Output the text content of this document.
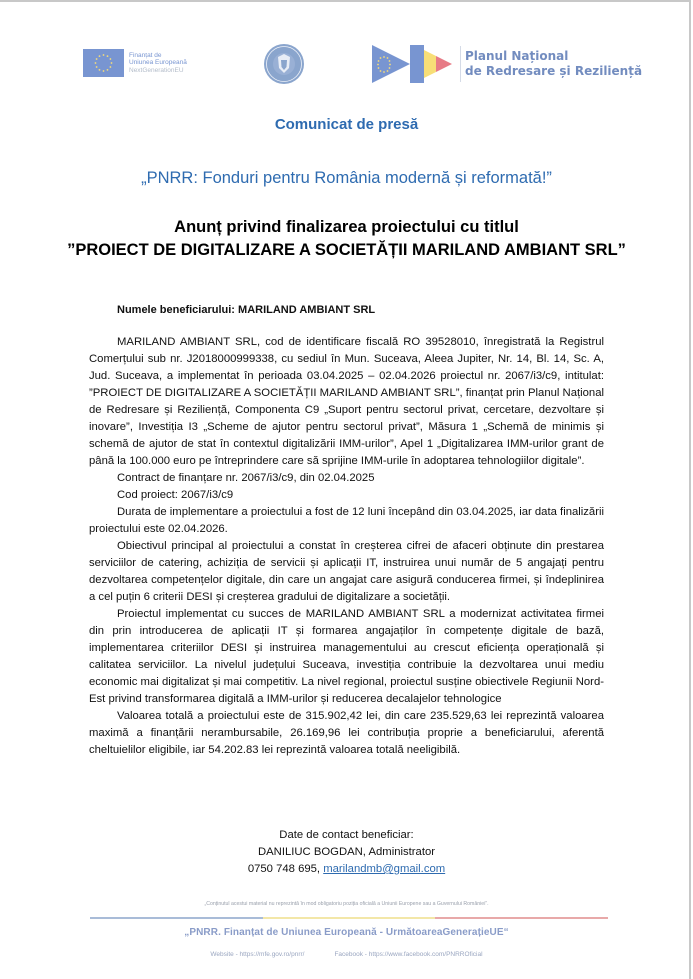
Finanțat de
Uniunea Europeană
NextGenerationEU
Planul Național
de Redresare și Reziliență
Comunicat de presă
„PNRR: Fonduri pentru România modernă și reformată!”
Anunț privind finalizarea proiectului cu titlul
”PROIECT DE DIGITALIZARE A SOCIETĂȚII MARILAND AMBIANT SRL”

Numele beneficiarului: MARILAND AMBIANT SRL

MARILAND AMBIANT SRL, cod de identificare fiscală RO 39528010, înregistrată la Registrul Comerțului sub nr. J2018000999338, cu sediul în Mun. Suceava, Aleea Jupiter, Nr. 14, Bl. 14, Sc. A, Jud. Suceava, a implementat în perioada 03.04.2025 – 02.04.2026 proiectul nr. 2067/i3/c9, intitulat: ”PROIECT DE DIGITALIZARE A SOCIETĂȚII MARILAND AMBIANT SRL”, finanțat prin Planul Național de Redresare și Reziliență, Componenta C9 „Suport pentru sectorul privat, cercetare, dezvoltare și inovare”, Investiția I3 „Scheme de ajutor pentru sectorul privat”, Măsura 1 „Schemă de minimis și schemă de ajutor de stat în contextul digitalizării IMM-urilor”, Apel 1 „Digitalizarea IMM-urilor grant de până la 100.000 euro pe întreprindere care să sprijine IMM-urile în adoptarea tehnologiilor digitale”.

Contract de finanțare nr. 2067/i3/c9, din 02.04.2025

Cod proiect: 2067/i3/c9

Durata de implementare a proiectului a fost de 12 luni începând din 03.04.2025, iar data finalizării proiectului este 02.04.2026.

Obiectivul principal al proiectului a constat în creșterea cifrei de afaceri obținute din prestarea serviciilor de catering, achiziția de servicii și aplicații IT, instruirea unui număr de 5 angajați pentru dezvoltarea competențelor digitale, din care un angajat care asigură conducerea firmei, și îndeplinirea a cel puțin 6 criterii DESI și creșterea gradului de digitalizare a societății.

Proiectul implementat cu succes de MARILAND AMBIANT SRL a modernizat activitatea firmei din prin introducerea de aplicații IT și formarea angajaților în competențe digitale de bază, implementarea criteriilor DESI și instruirea managementului au crescut eficiența operațională și calitatea serviciilor. La nivelul județului Suceava, investiția contribuie la dezvoltarea unui mediu economic mai digitalizat și mai competitiv. La nivel regional, proiectul susține obiectivele Regiunii Nord-Est privind transformarea digitală a IMM-urilor și reducerea decalajelor tehnologice

Valoarea totală a proiectului este de 315.902,42 lei, din care 235.529,63 lei reprezintă valoarea maximă a finanțării nerambursabile, 26.169,96 lei contribuția proprie a beneficiarului, aferentă cheltuielilor eligibile, iar 54.202.83 lei reprezintă valoarea totală neeligibilă.

Date de contact beneficiar:
DANILIUC BOGDAN, Administrator
0750 748 695, marilandmb@gmail.com
„Conținutul acestui material nu reprezintă în mod obligatoriu poziția oficială a Uniunii Europene sau a Guvernului României”.
„PNRR. Finanțat de Uniunea Europeană - UrmătoareaGenerațieUE“
Website - https://mfe.gov.ro/pnrr/	Facebook - https://www.facebook.com/PNRROficial
